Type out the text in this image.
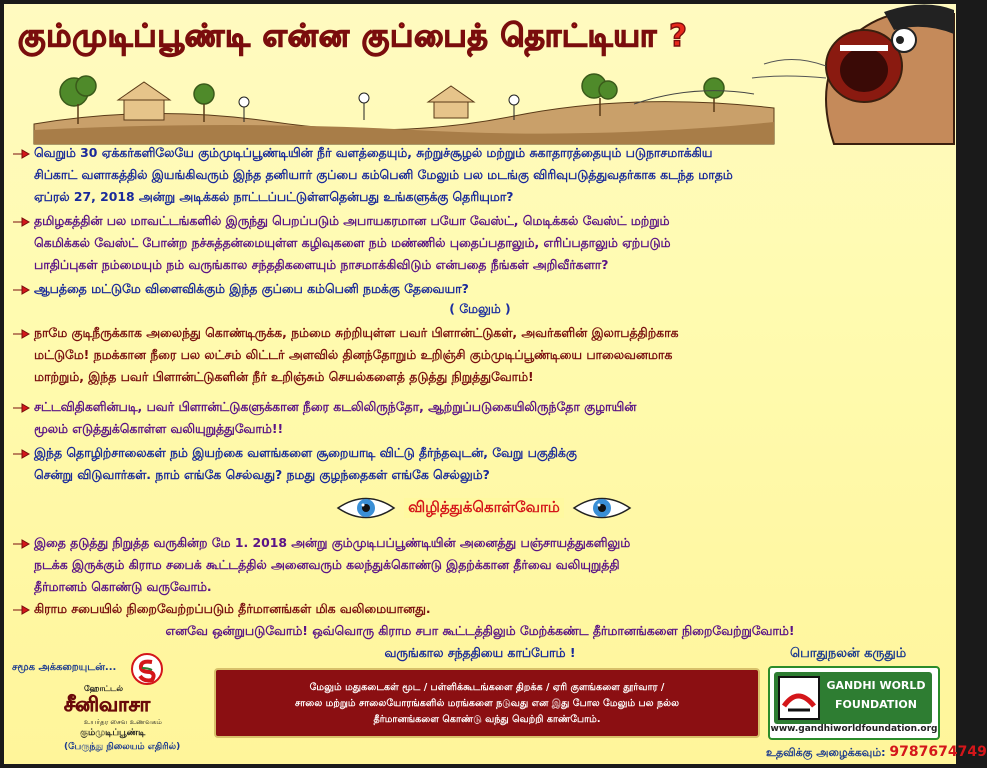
கும்முடிப்பூண்டி என்ன குப்பைத் தொட்டியா ?
வெறும் 30 ஏக்கர்களிலேயே கும்முடிப்பூண்டியின் நீர் வளத்தையும், சுற்றுச்சூழல் மற்றும் சுகாதாரத்தையும் படுநாசமாக்கிய
சிப்காட் வளாகத்தில் இயங்கிவரும் இந்த தனியார் குப்பை கம்பெனி மேலும் பல மடங்கு விரிவுபடுத்துவதர்காக கடந்த மாதம்
ஏப்ரல் 27, 2018 அன்று அடிக்கல் நாட்டப்பட்டுள்ளதென்பது உங்களுக்கு தெரியுமா?
தமிழகத்தின் பல மாவட்டங்களில் இருந்து பெறப்படும் அபாயகரமான பயோ வேஸ்ட், மெடிக்கல் வேஸ்ட் மற்றும்
கெமிக்கல் வேஸ்ட் போன்ற நச்சுத்தன்மையுள்ள கழிவுகளை நம் மண்ணில் புதைப்பதாலும், எரிப்பதாலும் ஏற்படும்
பாதிப்புகள் நம்மையும் நம் வருங்கால சந்ததிகளையும் நாசமாக்கிவிடும் என்பதை நீங்கள் அறிவீர்களா?
ஆபத்தை மட்டுமே விளைவிக்கும் இந்த குப்பை கம்பெனி நமக்கு தேவையா?
( மேலும் )
நாமே குடிநீருக்காக அலைந்து கொண்டிருக்க, நம்மை சுற்றியுள்ள பவர் பிளான்ட்டுகள், அவர்களின் இலாபத்திற்காக
மட்டுமே! நமக்கான நீரை பல லட்சம் லிட்டர் அளவில் தினந்தோறும் உறிஞ்சி கும்முடிப்பூண்டியை பாலைவனமாக
மாற்றும், இந்த பவர் பிளான்ட்டுகளின் நீர் உறிஞ்சும் செயல்களைத் தடுத்து நிறுத்துவோம்!
சட்டவிதிகளின்படி, பவர் பிளான்ட்டுகளுக்கான நீரை கடலிலிருந்தோ, ஆற்றுப்படுகையிலிருந்தோ குழாயின்
மூலம் எடுத்துக்கொள்ள வலியுறுத்துவோம்!!
இந்த தொழிற்சாலைகள் நம் இயற்கை வளங்களை சூறையாடி விட்டு தீர்ந்தவுடன், வேறு பகுதிக்கு
சென்று விடுவார்கள். நாம் எங்கே செல்வது? நமது குழந்தைகள் எங்கே செல்லும்?
விழித்துக்கொள்வோம்
இதை தடுத்து நிறுத்த வருகின்ற மே 1. 2018 அன்று கும்முடிபப்பூண்டியின் அனைத்து பஞ்சாயத்துகளிலும்
நடக்க இருக்கும் கிராம சபைக் கூட்டத்தில் அனைவரும் கலந்துக்கொண்டு இதற்க்கான தீர்வை வலியுறுத்தி
தீர்மானம் கொண்டு வருவோம்.
கிராம சபையில் நிறைவேற்றப்படும் தீர்மானங்கள் மிக வலிமையானது.
எனவே ஒன்றுபடுவோம்! ஒவ்வொரு கிராம சபா கூட்டத்திலும் மேற்க்கண்ட தீர்மானங்களை நிறைவேற்றுவோம்!
வருங்கால சந்ததியை காப்போம் !
சமூக அக்கறையுடன்...
ஹோட்டல்
சீனிவாசா
உயர்தர சைவ உணவகம்
கும்முடிப்பூண்டி
(பேருந்து நிலையம் எதிரில்)
மேலும் மதுகடைகள் மூட / பள்ளிக்கூடங்களை திறக்க / ஏரி குளங்களை தூர்வார /
சாலை மற்றும் சாலையோரங்களில் மரங்களை நடுவது என இது போல மேலும் பல நல்ல
தீர்மானங்களை கொண்டு வந்து வெற்றி காண்போம்.
பொதுநலன் கருதும்
GANDHI WORLD
FOUNDATION
www.gandhiworldfoundation.org
உதவிக்கு அழைக்கவும்: 9787674749
